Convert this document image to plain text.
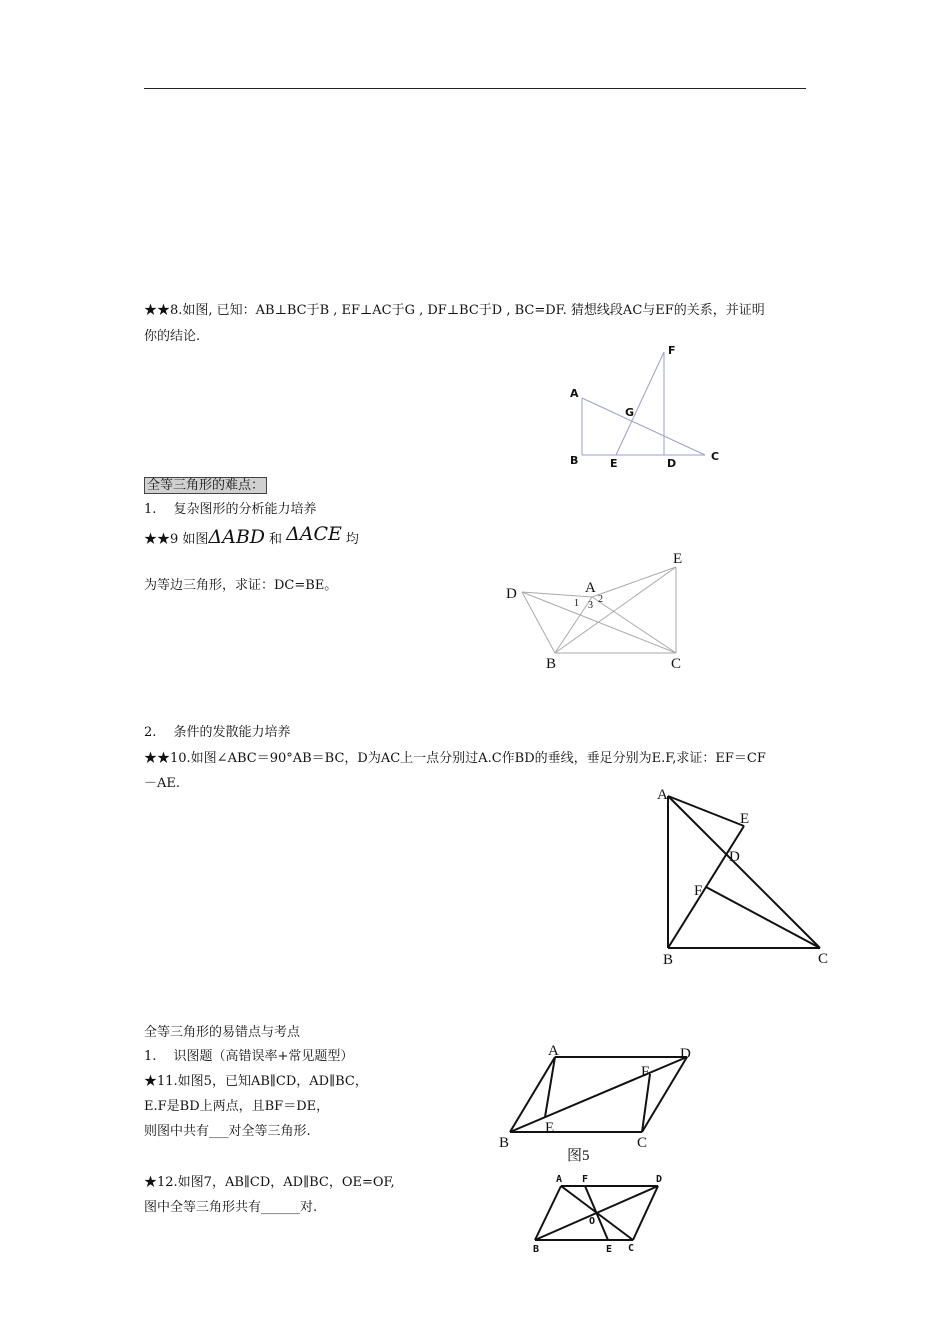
★★8.如图, 已知：AB⊥BC于B , EF⊥AC于G , DF⊥BC于D , BC=DF. 猜想线段AC与EF的关系，并证明
你的结论.
F
A
G
B	E	D
C
全等三角形的难点：
1.　 复杂图形的分析能力培养
★★9 如图ΔABD 和 ΔACE 均
为等边三角形，求证：DC=BE。
E
D	A
1 2
3
B	C
2.　 条件的发散能力培养
★★10.如图∠ABC＝90°AB＝BC，D为AC上一点分别过A.C作BD的垂线，垂足分别为E.F,求证：EF＝CF
－AE.
A
E
D
F
B	C
全等三角形的易错点与考点
1.　 识图题（高错误率+常见题型）
★11.如图5，已知AB∥CD，AD∥BC，
E.F是BD上两点，且BF＝DE，
则图中共有___对全等三角形.
A	D
F
E
B	C
图5
★12.如图7，AB∥CD，AD∥BC，OE=OF,
图中全等三角形共有______对.
A F	D
O
B	E C
